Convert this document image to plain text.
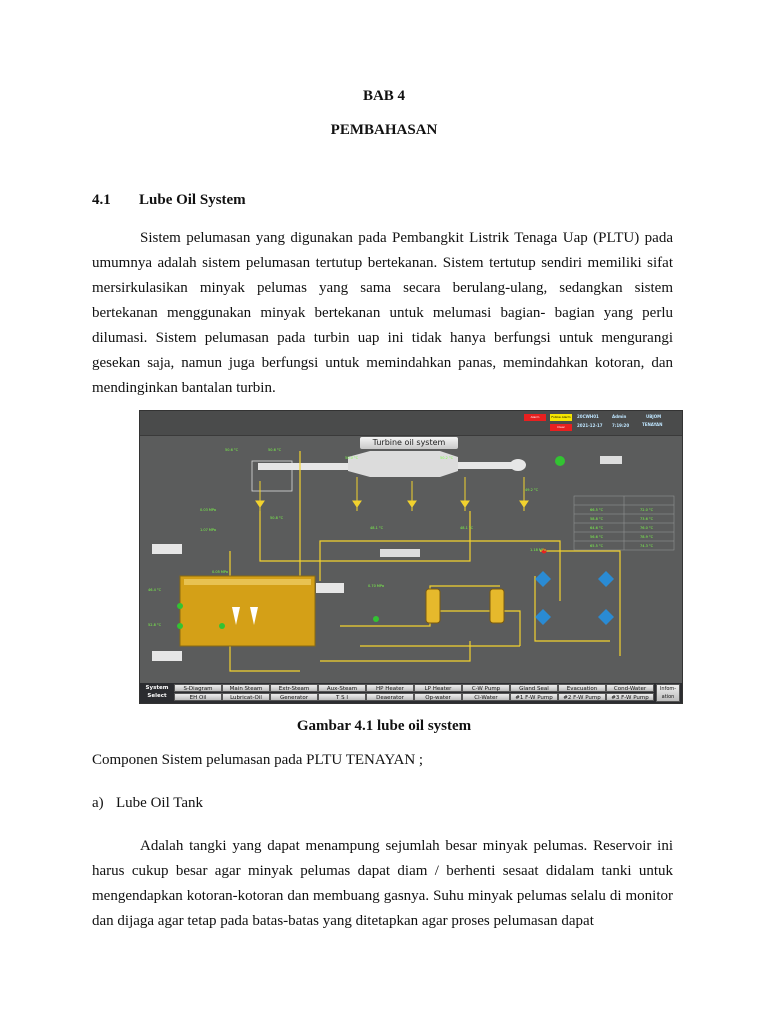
BAB 4
PEMBAHASAN
4.1 Lube Oil System

Sistem pelumasan yang digunakan pada Pembangkit Listrik Tenaga Uap (PLTU) pada umumnya adalah sistem pelumasan tertutup bertekanan. Sistem tertutup sendiri memiliki sifat mersirkulasikan minyak pelumas yang sama secara berulang-ulang, sedangkan sistem bertekanan menggunakan minyak bertekanan untuk melumasi bagian- bagian yang perlu dilumasi. Sistem pelumasan pada turbin uap ini tidak hanya berfungsi untuk mengurangi gesekan saja, namun juga berfungsi untuk memindahkan panas, memindahkan kotoran, dan mendinginkan bantalan turbin.

Alarm	Follow Alarm
Clear
20CWH01	Admin
2021-12-17 7:19:20
UBJOM
TENAYAN
Turbine oil system
50.6 °C	50.6 °C
50.0 °C	50.2 °C
0.03 MPa
1.07 MPa
50.8 °C
48.1 °C	48.1 °C
49.2 °C
46.4 °C
52.8 °C
0.05 MPa
0.70 MPa
1.18 MPa
66.5 °C	72.0 °C
58.8 °C	73.6 °C
64.6 °C	76.0 °C
56.6 °C	78.9 °C
65.5 °C	74.3 °C
System Select
Infom-ation
S-Diagram	Main Steam	Extr-Steam	Aux-Steam	HP Heater	LP Heater	C-W Pump	Gland Seal	Evacuation	Cond-Water
EH Oil	Lubricat-Oil	Generator	T S I	Deaerator	Op-water	Cl-Water	#1 F-W Pump	#2 F-W Pump	#3 F-W Pump
Gambar 4.1 lube oil system
Componen Sistem pelumasan pada PLTU TENAYAN ;
a) Lube Oil Tank

Adalah tangki yang dapat menampung sejumlah besar minyak pelumas. Reservoir ini harus cukup besar agar minyak pelumas dapat diam / berhenti sesaat didalam tanki untuk mengendapkan kotoran-kotoran dan membuang gasnya. Suhu minyak pelumas selalu di monitor dan dijaga agar tetap pada batas-batas yang ditetapkan agar proses pelumasan dapat
